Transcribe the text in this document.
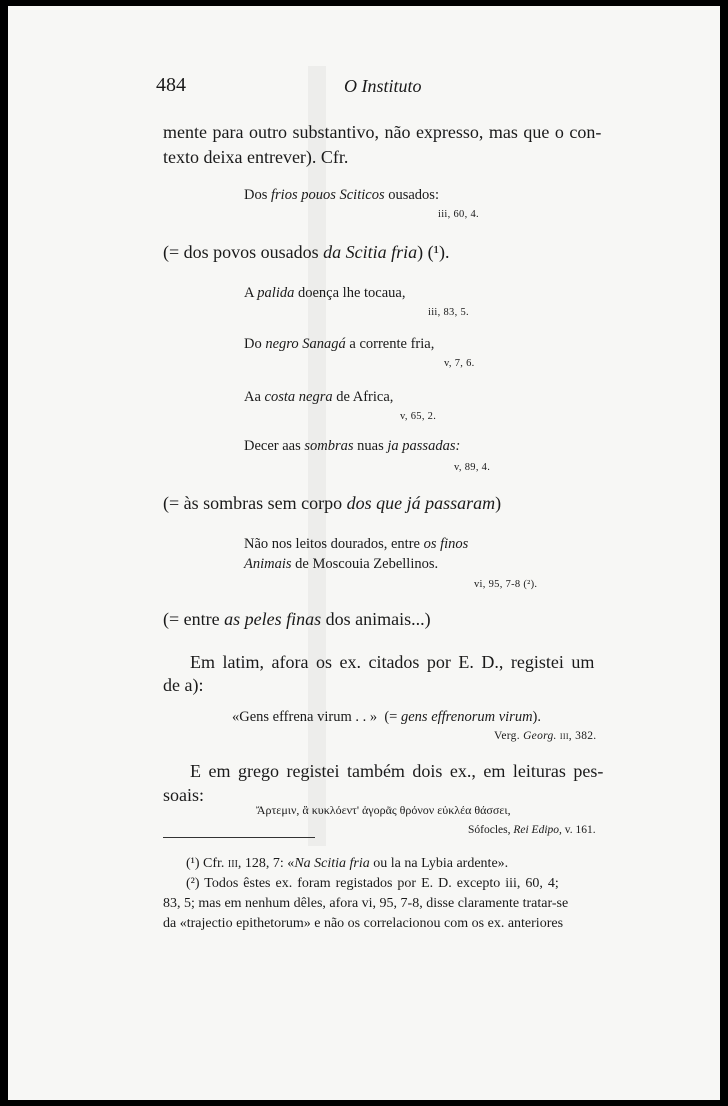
484	O Instituto
mente para outro substantivo, não expresso, mas que o con-
texto deixa entrever). Cfr.
Dos frios pouos Sciticos ousados:
iii, 60, 4.
(= dos povos ousados da Scitia fria) (¹).
A palida doença lhe tocaua,
iii, 83, 5.
Do negro Sanagá a corrente fria,
v, 7, 6.
Aa costa negra de Africa,
v, 65, 2.
Decer aas sombras nuas ja passadas:
v, 89, 4.
(= às sombras sem corpo dos que já passaram)
Não nos leitos dourados, entre os finos
Animais de Moscouia Zebellinos.
vi, 95, 7-8 (²).
(= entre as peles finas dos animais...)
Em latim, afora os ex. citados por E. D., registei um
de a):
«Gens effrena virum . . »  (= gens effrenorum virum).
Verg. Georg. iii, 382.
E em grego registei também dois ex., em leituras pes-
soais:
Ἄρτεμιν, ἃ κυκλόεντ' ἀγορᾶς θρόνον εὐκλέα θάσσει,
Sófocles, Rei Edipo, v. 161.
(¹) Cfr. iii, 128, 7: «Na Scitia fria ou la na Lybia ardente».
(²) Todos êstes ex. foram registados por E. D. excepto iii, 60, 4;
83, 5; mas em nenhum dêles, afora vi, 95, 7-8, disse claramente tratar-se
da «trajectio epithetorum» e não os correlacionou com os ex. anteriores
